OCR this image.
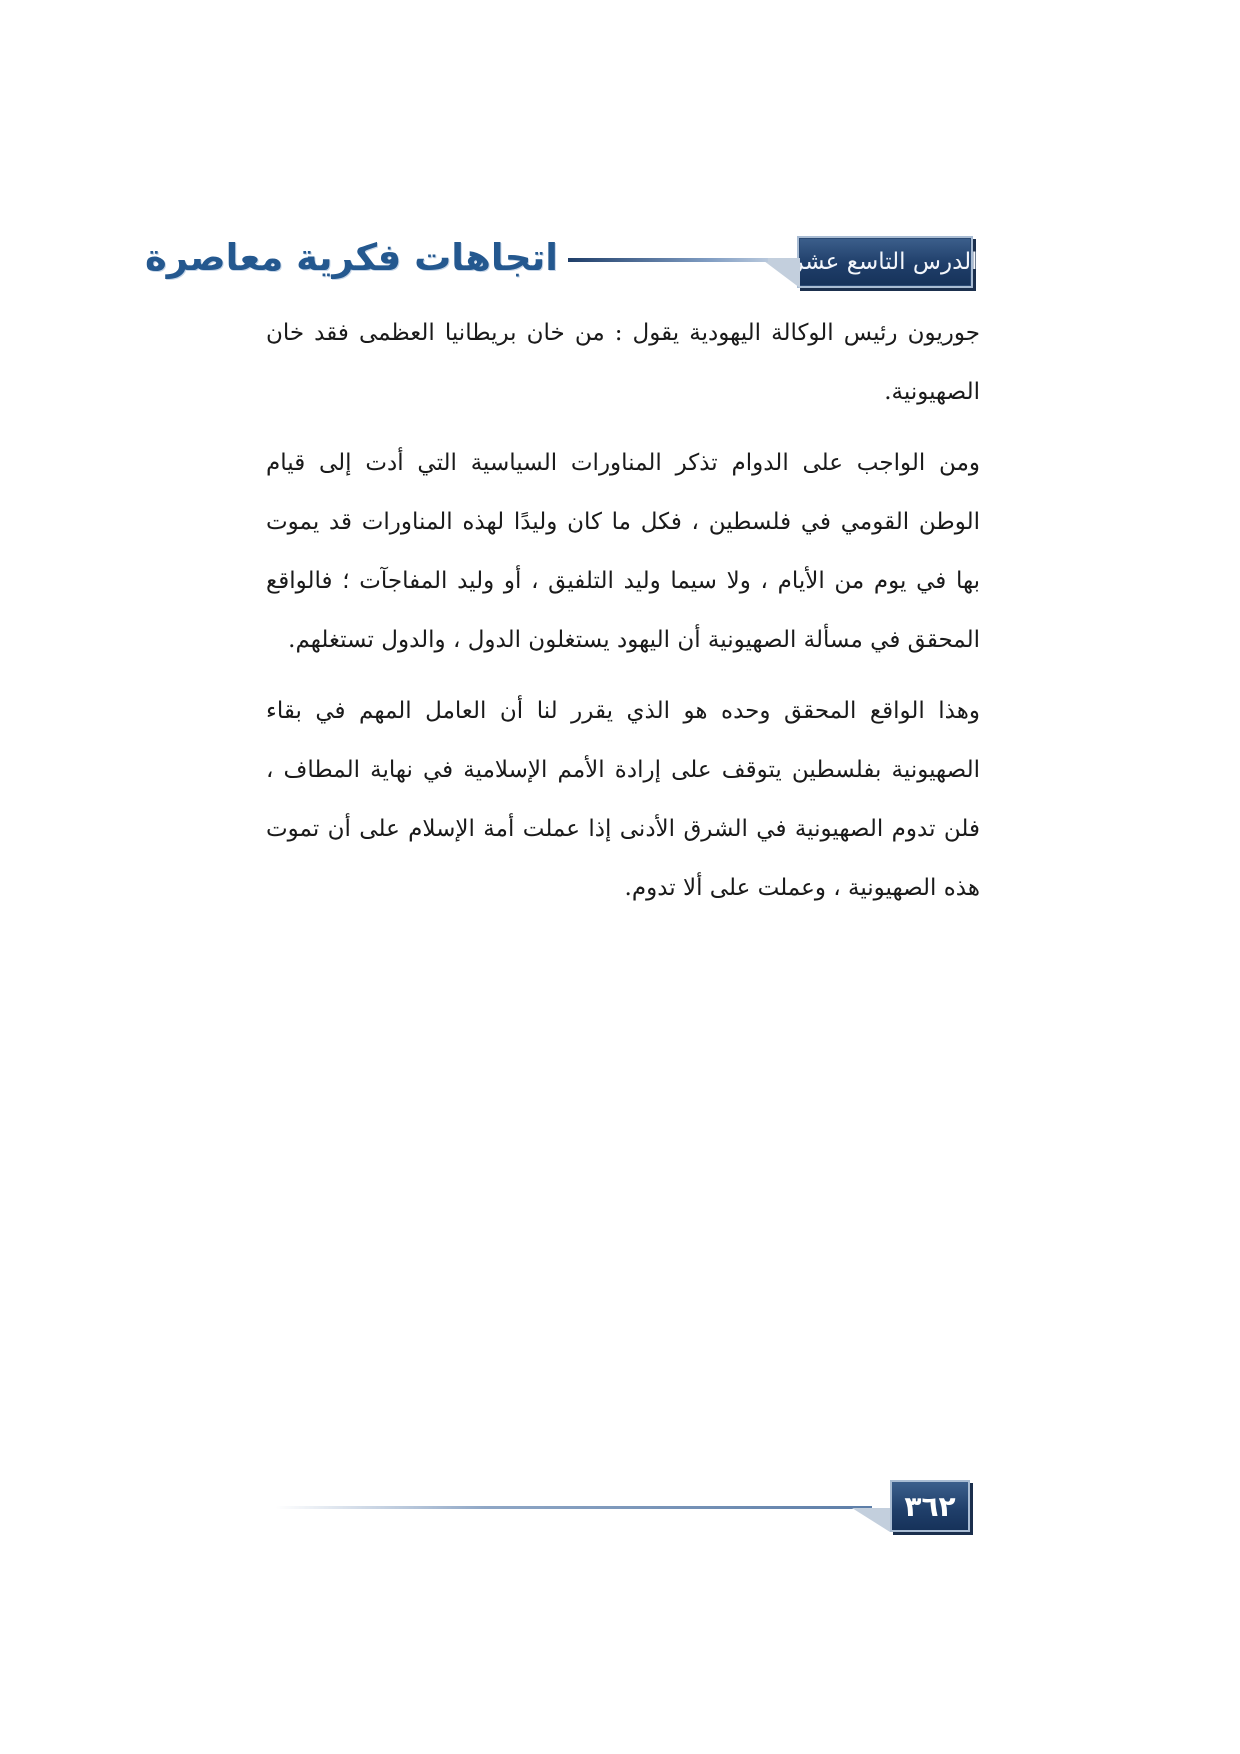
الدرس التاسع عشر
اتجاهات فكرية معاصرة

جوريون رئيس الوكالة اليهودية يقول : من خان بريطانيا العظمى فقد خان الصهيونية.

ومن الواجب على الدوام تذكر المناورات السياسية التي أدت إلى قيام الوطن القومي في فلسطين ، فكل ما كان وليدًا لهذه المناورات قد يموت بها في يوم من الأيام ، ولا سيما وليد التلفيق ، أو وليد المفاجآت ؛ فالواقع المحقق في مسألة الصهيونية أن اليهود يستغلون الدول ، والدول تستغلهم.

وهذا الواقع المحقق وحده هو الذي يقرر لنا أن العامل المهم في بقاء الصهيونية بفلسطين يتوقف على إرادة الأمم الإسلامية في نهاية المطاف ، فلن تدوم الصهيونية في الشرق الأدنى إذا عملت أمة الإسلام على أن تموت هذه الصهيونية ، وعملت على ألا تدوم.

٣٦٢
